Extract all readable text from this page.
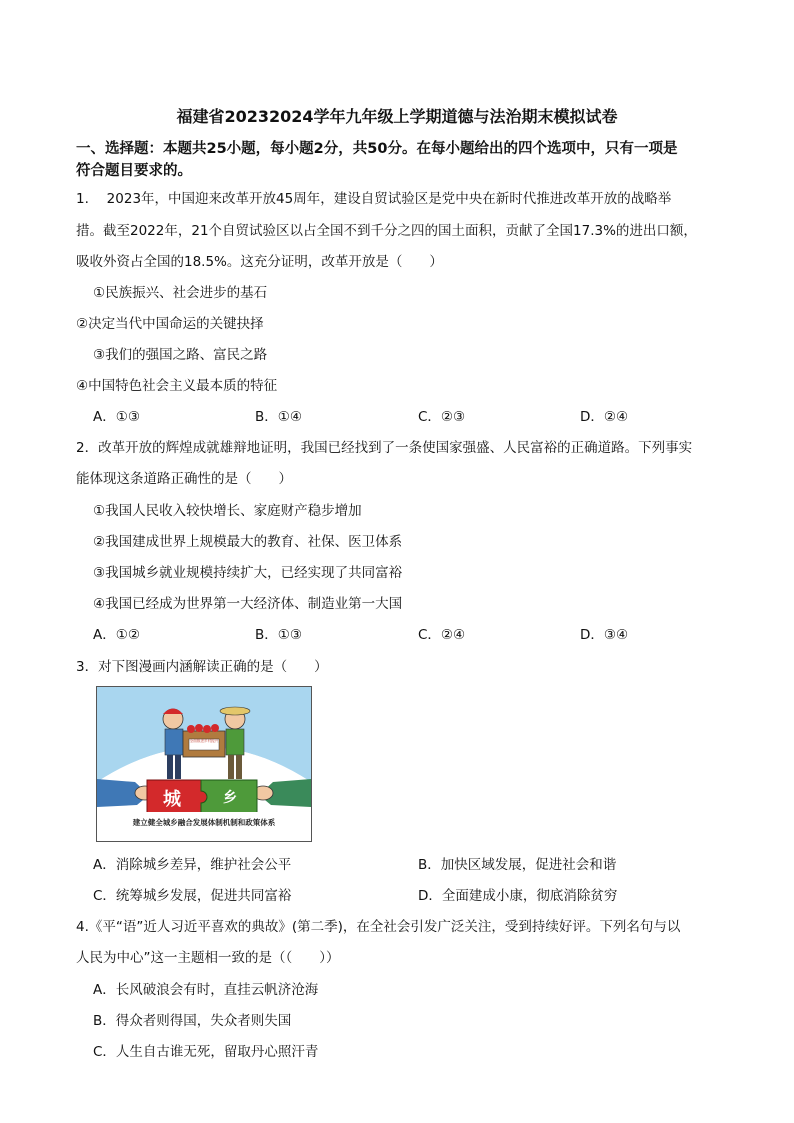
福建省20232024学年九年级上学期道德与法治期末模拟试卷
一、选择题：本题共25小题，每小题2分，共50分。在每小题给出的四个选项中，只有一项是
符合题目要求的。
1.　 2023年，中国迎来改革开放45周年，建设自贸试验区是党中央在新时代推进改革开放的战略举
措。截至2022年，21个自贸试验区以占全国不到千分之四的国土面积，贡献了全国17.3%的进出口额，
吸收外资占全国的18.5%。这充分证明，改革开放是（　　）
①民族振兴、社会进步的基石
②决定当代中国命运的关键抉择
③我们的强国之路、富民之路
④中国特色社会主义最本质的特征
A．①③	B．①④	C．②③	D．②④
2．改革开放的辉煌成就雄辩地证明，我国已经找到了一条使国家强盛、人民富裕的正确道路。下列事实
能体现这条道路正确性的是（　　）
①我国人民收入较快增长、家庭财产稳步增加
②我国建成世界上规模最大的教育、社保、医卫体系
③我国城乡就业规模持续扩大，已经实现了共同富裕
④我国已经成为世界第一大经济体、制造业第一大国
A．①②	B．①③	C．②④	D．③④
3．对下图漫画内涵解读正确的是（　　）
全面推进乡村振兴
城	乡
建立健全城乡融合发展体制机制和政策体系
A．消除城乡差异，维护社会公平	B．加快区域发展，促进社会和谐
C．统筹城乡发展，促进共同富裕	D．全面建成小康，彻底消除贫穷
4.《平“语”近人习近平喜欢的典故》(第二季)，在全社会引发广泛关注，受到持续好评。下列名句与以
人民为中心”这一主题相一致的是（（　　））
A．长风破浪会有时，直挂云帆济沧海
B．得众者则得国，失众者则失国
C．人生自古谁无死，留取丹心照汗青
